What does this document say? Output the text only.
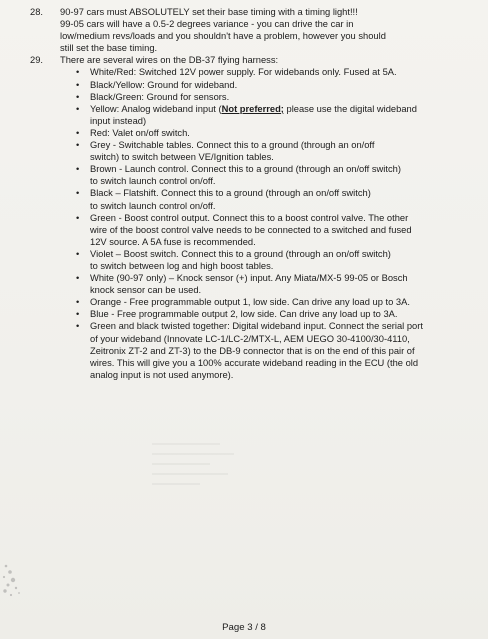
28. 90-97 cars must ABSOLUTELY set their base timing with a timing light!!!
99-05 cars will have a 0.5-2 degrees variance - you can drive the car in
low/medium revs/loads and you shouldn't have a problem, however you should
still set the base timing.
29. There are several wires on the DB-37 flying harness:
• White/Red: Switched 12V power supply. For widebands only. Fused at 5A.
• Black/Yellow: Ground for wideband.
• Black/Green: Ground for sensors.
• Yellow: Analog wideband input (Not preferred; please use the digital wideband
input instead)
• Red: Valet on/off switch.
• Grey - Switchable tables. Connect this to a ground (through an on/off
switch) to switch between VE/Ignition tables.
• Brown - Launch control. Connect this to a ground (through an on/off switch)
to switch launch control on/off.
• Black – Flatshift. Connect this to a ground (through an on/off switch)
to switch launch control on/off.
• Green - Boost control output. Connect this to a boost control valve. The other
wire of the boost control valve needs to be connected to a switched and fused
12V source. A 5A fuse is recommended.
• Violet – Boost switch. Connect this to a ground (through an on/off switch)
to switch between log and high boost tables.
• White (90-97 only) – Knock sensor (+) input. Any Miata/MX-5 99-05 or Bosch
knock sensor can be used.
• Orange - Free programmable output 1, low side. Can drive any load up to 3A.
• Blue - Free programmable output 2, low side. Can drive any load up to 3A.
• Green and black twisted together: Digital wideband input. Connect the serial port
of your wideband (Innovate LC-1/LC-2/MTX-L, AEM UEGO 30-4100/30-4110,
Zeitronix ZT-2 and ZT-3) to the DB-9 connector that is on the end of this pair of
wires. This will give you a 100% accurate wideband reading in the ECU (the old
analog input is not used anymore).
Page 3 / 8
